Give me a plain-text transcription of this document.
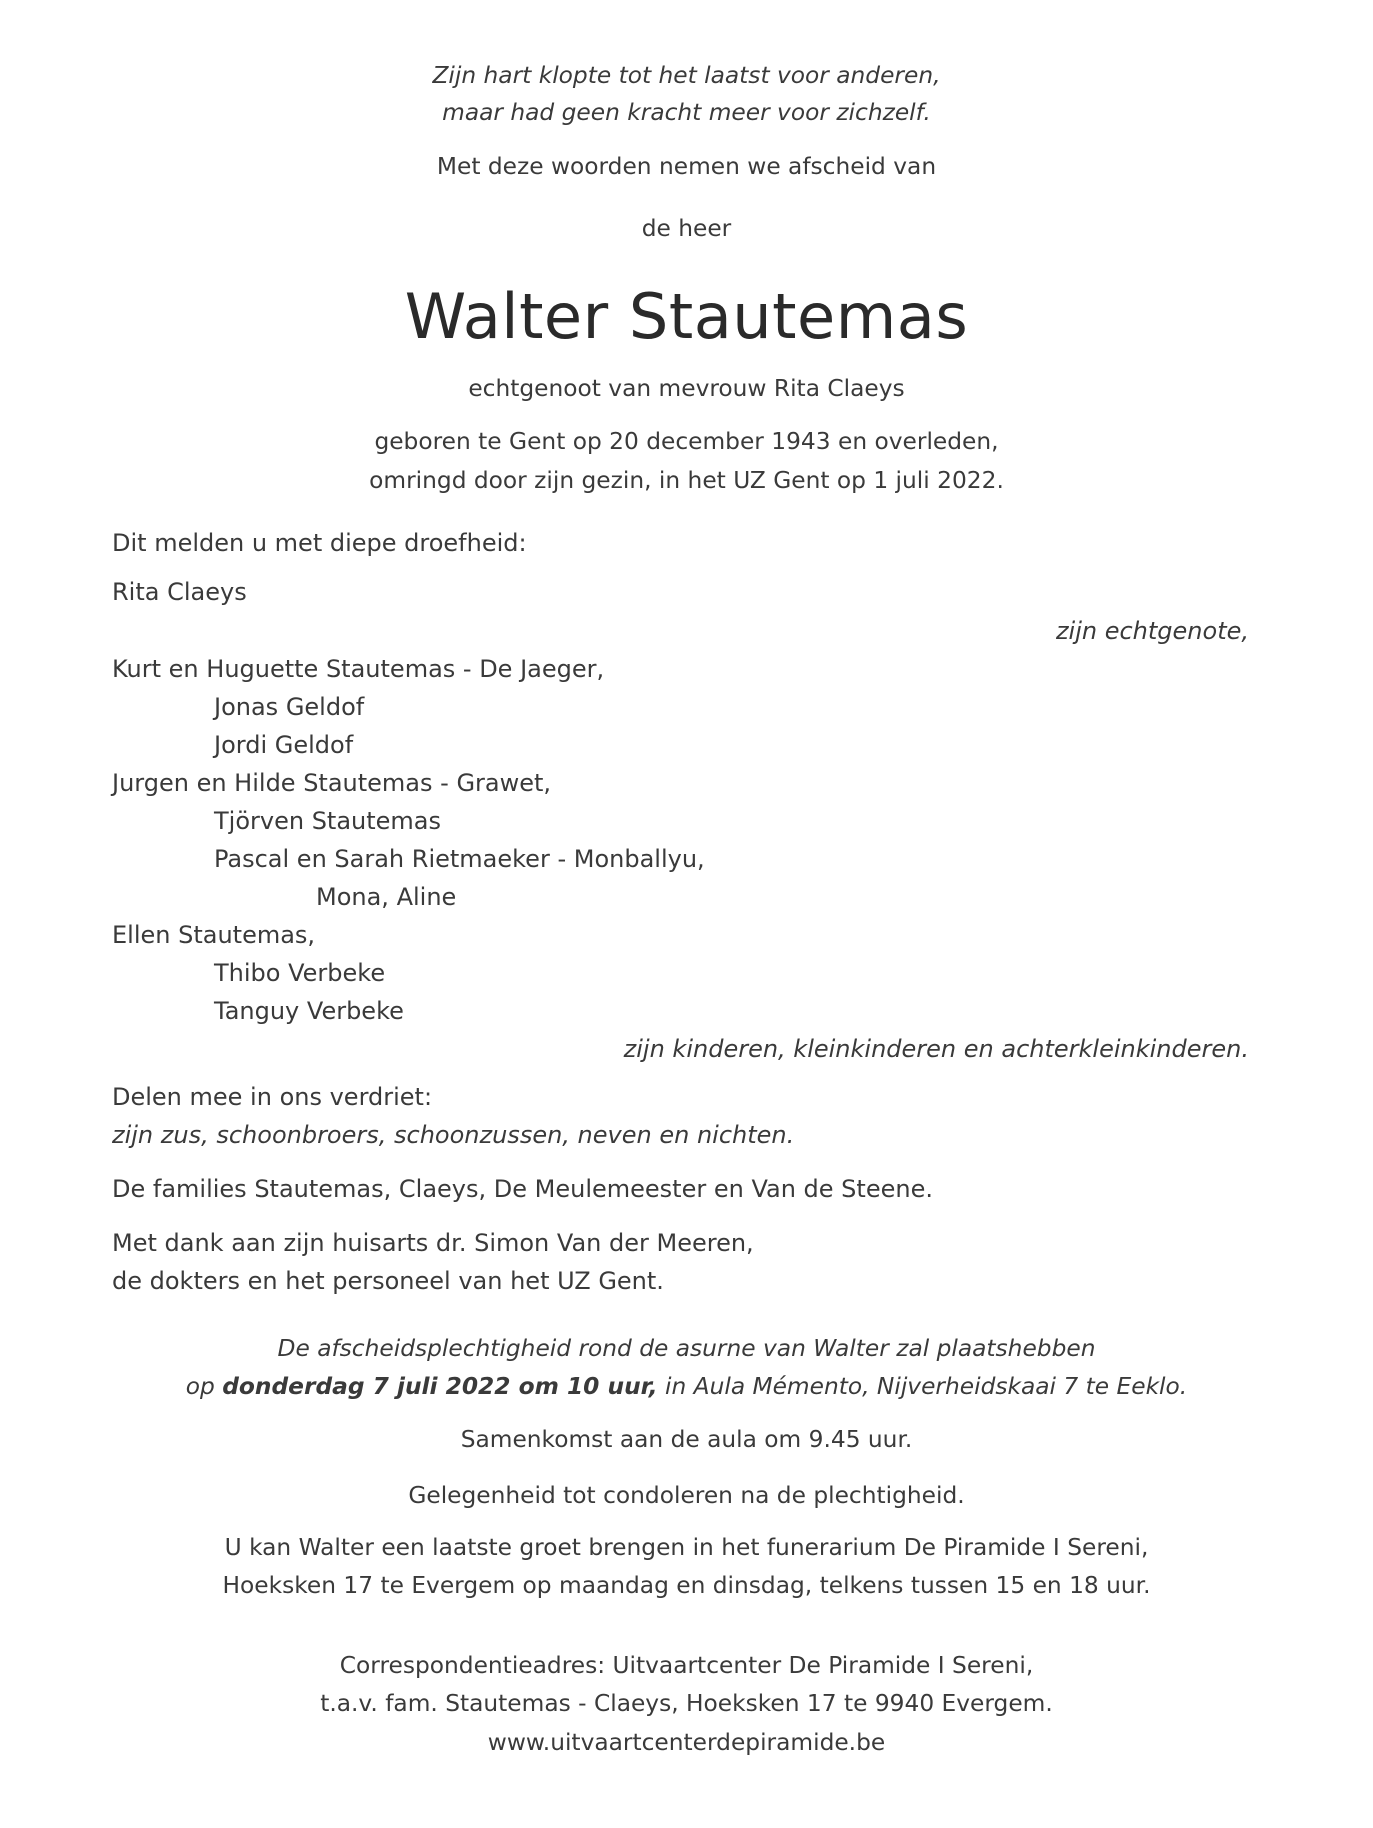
Zijn hart klopte tot het laatst voor anderen,
maar had geen kracht meer voor zichzelf.
Met deze woorden nemen we afscheid van
de heer
Walter Stautemas
echtgenoot van mevrouw Rita Claeys
geboren te Gent op 20 december 1943 en overleden,
omringd door zijn gezin, in het UZ Gent op 1 juli 2022.
Dit melden u met diepe droefheid:
Rita Claeys
zijn echtgenote,
Kurt en Huguette Stautemas - De Jaeger,
Jonas Geldof
Jordi Geldof
Jurgen en Hilde Stautemas - Grawet,
Tjörven Stautemas
Pascal en Sarah Rietmaeker - Monballyu,
Mona, Aline
Ellen Stautemas,
Thibo Verbeke
Tanguy Verbeke
zijn kinderen, kleinkinderen en achterkleinkinderen.
Delen mee in ons verdriet:
zijn zus, schoonbroers, schoonzussen, neven en nichten.
De families Stautemas, Claeys, De Meulemeester en Van de Steene.
Met dank aan zijn huisarts dr. Simon Van der Meeren,
de dokters en het personeel van het UZ Gent.
De afscheidsplechtigheid rond de asurne van Walter zal plaatshebben
op donderdag 7 juli 2022 om 10 uur, in Aula Mémento, Nijverheidskaai 7 te Eeklo.
Samenkomst aan de aula om 9.45 uur.
Gelegenheid tot condoleren na de plechtigheid.
U kan Walter een laatste groet brengen in het funerarium De Piramide I Sereni,
Hoeksken 17 te Evergem op maandag en dinsdag, telkens tussen 15 en 18 uur.
Correspondentieadres: Uitvaartcenter De Piramide I Sereni,
t.a.v. fam. Stautemas - Claeys, Hoeksken 17 te 9940 Evergem.
www.uitvaartcenterdepiramide.be
